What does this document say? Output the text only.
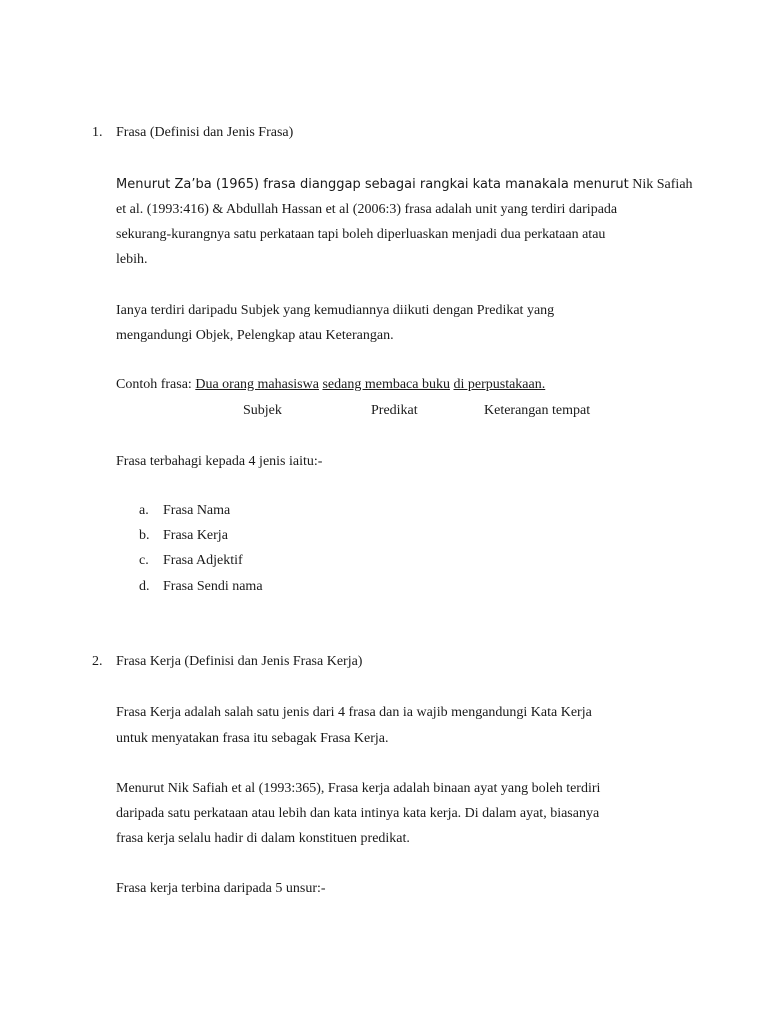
1. Frasa (Definisi dan Jenis Frasa)
Menurut Za’ba (1965) frasa dianggap sebagai rangkai kata manakala menurut Nik Safiah
et al. (1993:416) & Abdullah Hassan et al (2006:3) frasa adalah unit yang terdiri daripada
sekurang-kurangnya satu perkataan tapi boleh diperluaskan menjadi dua perkataan atau
lebih.
Ianya terdiri daripadu Subjek yang kemudiannya diikuti dengan Predikat yang
mengandungi Objek, Pelengkap atau Keterangan.
Contoh frasa: Dua orang mahasiswa sedang membaca buku di perpustakaan.
Subjek	Predikat	Keterangan tempat
Frasa terbahagi kepada 4 jenis iaitu:-
a. Frasa Nama
b. Frasa Kerja
c. Frasa Adjektif
d. Frasa Sendi nama
2. Frasa Kerja (Definisi dan Jenis Frasa Kerja)
Frasa Kerja adalah salah satu jenis dari 4 frasa dan ia wajib mengandungi Kata Kerja
untuk menyatakan frasa itu sebagak Frasa Kerja.
Menurut Nik Safiah et al (1993:365), Frasa kerja adalah binaan ayat yang boleh terdiri
daripada satu perkataan atau lebih dan kata intinya kata kerja. Di dalam ayat, biasanya
frasa kerja selalu hadir di dalam konstituen predikat.
Frasa kerja terbina daripada 5 unsur:-
